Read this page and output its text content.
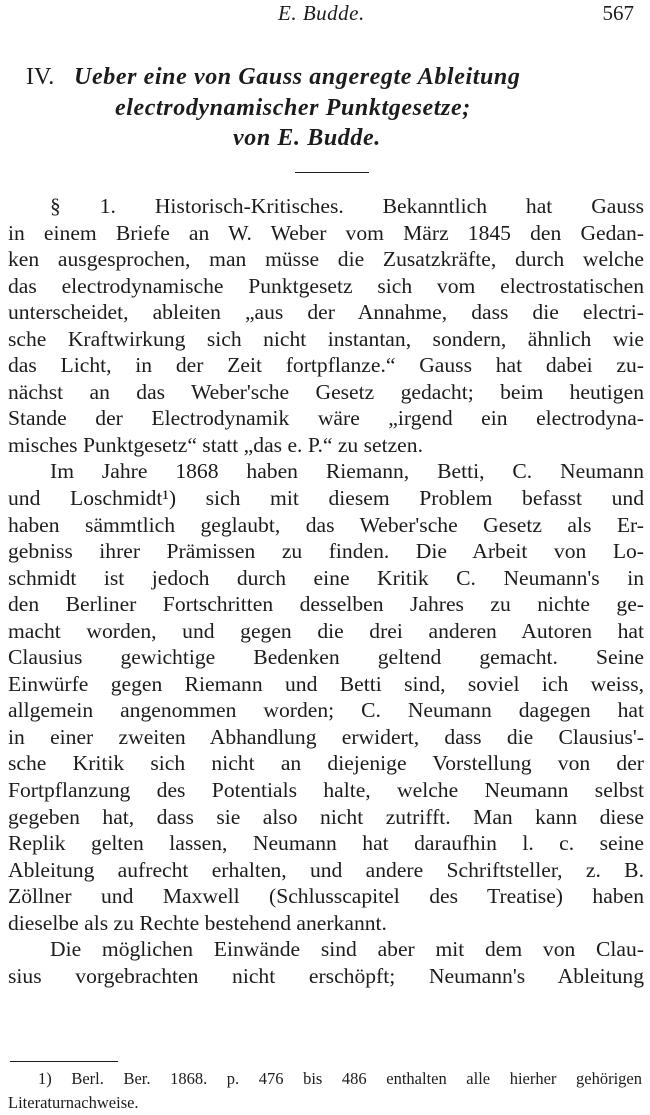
E. Budde.	567
IV. Ueber eine von Gauss angeregte Ableitung
electrodynamischer Punktgesetze;
von E. Budde.
§ 1. Historisch-Kritisches. Bekanntlich hat Gauss
in einem Briefe an W. Weber vom März 1845 den Gedan-
ken ausgesprochen, man müsse die Zusatzkräfte, durch welche
das electrodynamische Punktgesetz sich vom electrostatischen
unterscheidet, ableiten „aus der Annahme, dass die electri-
sche Kraftwirkung sich nicht instantan, sondern, ähnlich wie
das Licht, in der Zeit fortpflanze.“ Gauss hat dabei zu-
nächst an das Weber'sche Gesetz gedacht; beim heutigen
Stande der Electrodynamik wäre „irgend ein electrodyna-
misches Punktgesetz“ statt „das e. P.“ zu setzen.
Im Jahre 1868 haben Riemann, Betti, C. Neumann
und Loschmidt¹) sich mit diesem Problem befasst und
haben sämmtlich geglaubt, das Weber'sche Gesetz als Er-
gebniss ihrer Prämissen zu finden. Die Arbeit von Lo-
schmidt ist jedoch durch eine Kritik C. Neumann's in
den Berliner Fortschritten desselben Jahres zu nichte ge-
macht worden, und gegen die drei anderen Autoren hat
Clausius gewichtige Bedenken geltend gemacht. Seine
Einwürfe gegen Riemann und Betti sind, soviel ich weiss,
allgemein angenommen worden; C. Neumann dagegen hat
in einer zweiten Abhandlung erwidert, dass die Clausius'-
sche Kritik sich nicht an diejenige Vorstellung von der
Fortpflanzung des Potentials halte, welche Neumann selbst
gegeben hat, dass sie also nicht zutrifft. Man kann diese
Replik gelten lassen, Neumann hat daraufhin l. c. seine
Ableitung aufrecht erhalten, und andere Schriftsteller, z. B.
Zöllner und Maxwell (Schlusscapitel des Treatise) haben
dieselbe als zu Rechte bestehend anerkannt.
Die möglichen Einwände sind aber mit dem von Clau-
sius vorgebrachten nicht erschöpft; Neumann's Ableitung
1) Berl. Ber. 1868. p. 476 bis 486 enthalten alle hierher gehörigen
Literaturnachweise.
